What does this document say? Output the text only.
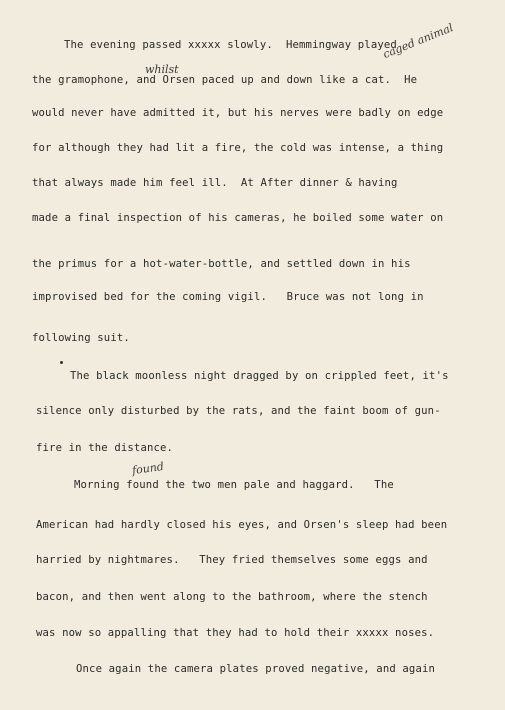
whilst
caged animal
found
The evening passed xxxxx slowly.  Hemmingway played
the gramophone, and Orsen paced up and down like a cat.  He
would never have admitted it, but his nerves were badly on edge
for although they had lit a fire, the cold was intense, a thing
that always made him feel ill.  At After dinner & having
made a final inspection of his cameras, he boiled some water on
the primus for a hot-water-bottle, and settled down in his
improvised bed for the coming vigil.   Bruce was not long in
following suit.
The black moonless night dragged by on crippled feet, it's
silence only disturbed by the rats, and the faint boom of gun-
fire in the distance.
Morning found the two men pale and haggard.   The
American had hardly closed his eyes, and Orsen's sleep had been
harried by nightmares.   They fried themselves some eggs and
bacon, and then went along to the bathroom, where the stench
was now so appalling that they had to hold their xxxxx noses.
Once again the camera plates proved negative, and again
